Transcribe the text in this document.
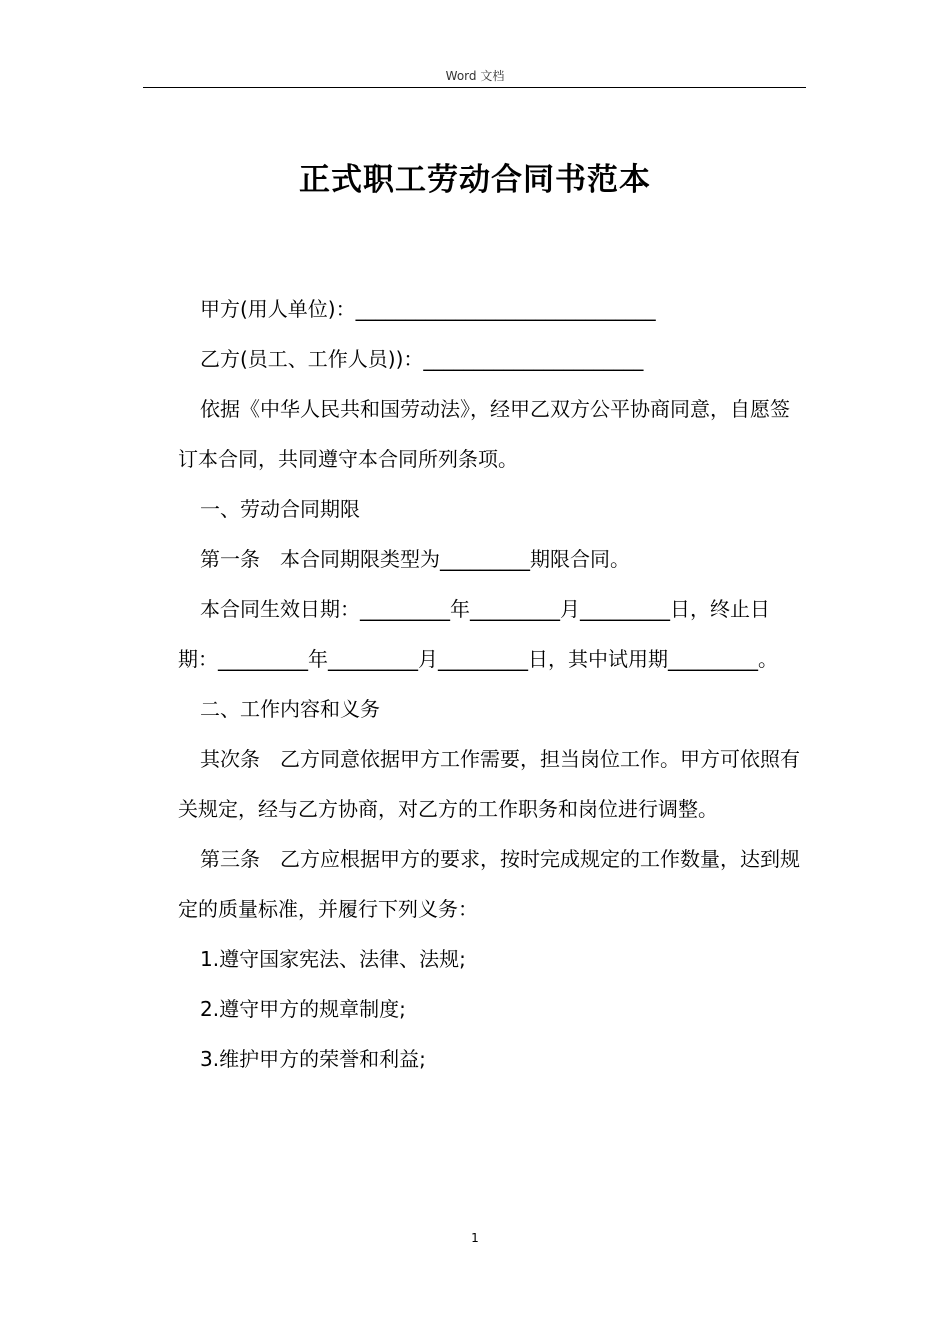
Word 文档
正式职工劳动合同书范本

甲方(用人单位)：______________________________

乙方(员工、工作人员))：______________________

依据《中华人民共和国劳动法》，经甲乙双方公平协商同意，自愿签订本合同，共同遵守本合同所列条项。

一、劳动合同期限

第一条　本合同期限类型为_________期限合同。

本合同生效日期：_________年_________月_________日，终止日期：_________年_________月_________日，其中试用期_________。

二、工作内容和义务

其次条　乙方同意依据甲方工作需要，担当岗位工作。甲方可依照有关规定，经与乙方协商，对乙方的工作职务和岗位进行调整。

第三条　乙方应根据甲方的要求，按时完成规定的工作数量，达到规定的质量标准，并履行下列义务：

1.遵守国家宪法、法律、法规;

2.遵守甲方的规章制度;

3.维护甲方的荣誉和利益;

1
